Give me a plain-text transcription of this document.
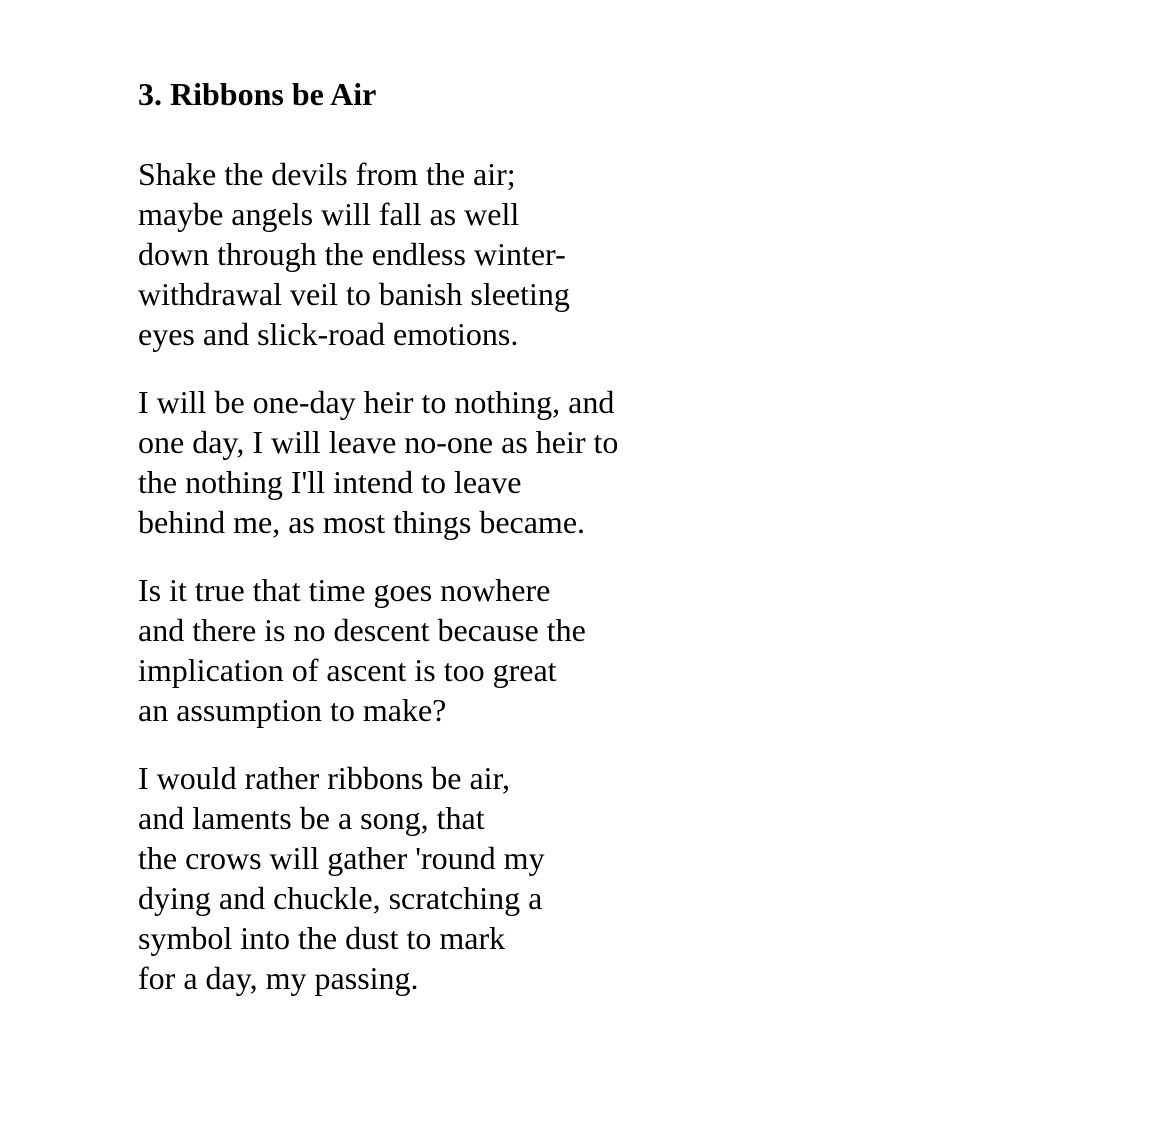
3. Ribbons be Air
Shake the devils from the air;
maybe angels will fall as well
down through the endless winter-
withdrawal veil to banish sleeting
eyes and slick-road emotions.
I will be one-day heir to nothing, and
one day, I will leave no-one as heir to
the nothing I'll intend to leave
behind me, as most things became.
Is it true that time goes nowhere
and there is no descent because the
implication of ascent is too great
an assumption to make?
I would rather ribbons be air,
and laments be a song, that
the crows will gather 'round my
dying and chuckle, scratching a
symbol into the dust to mark
for a day, my passing.
